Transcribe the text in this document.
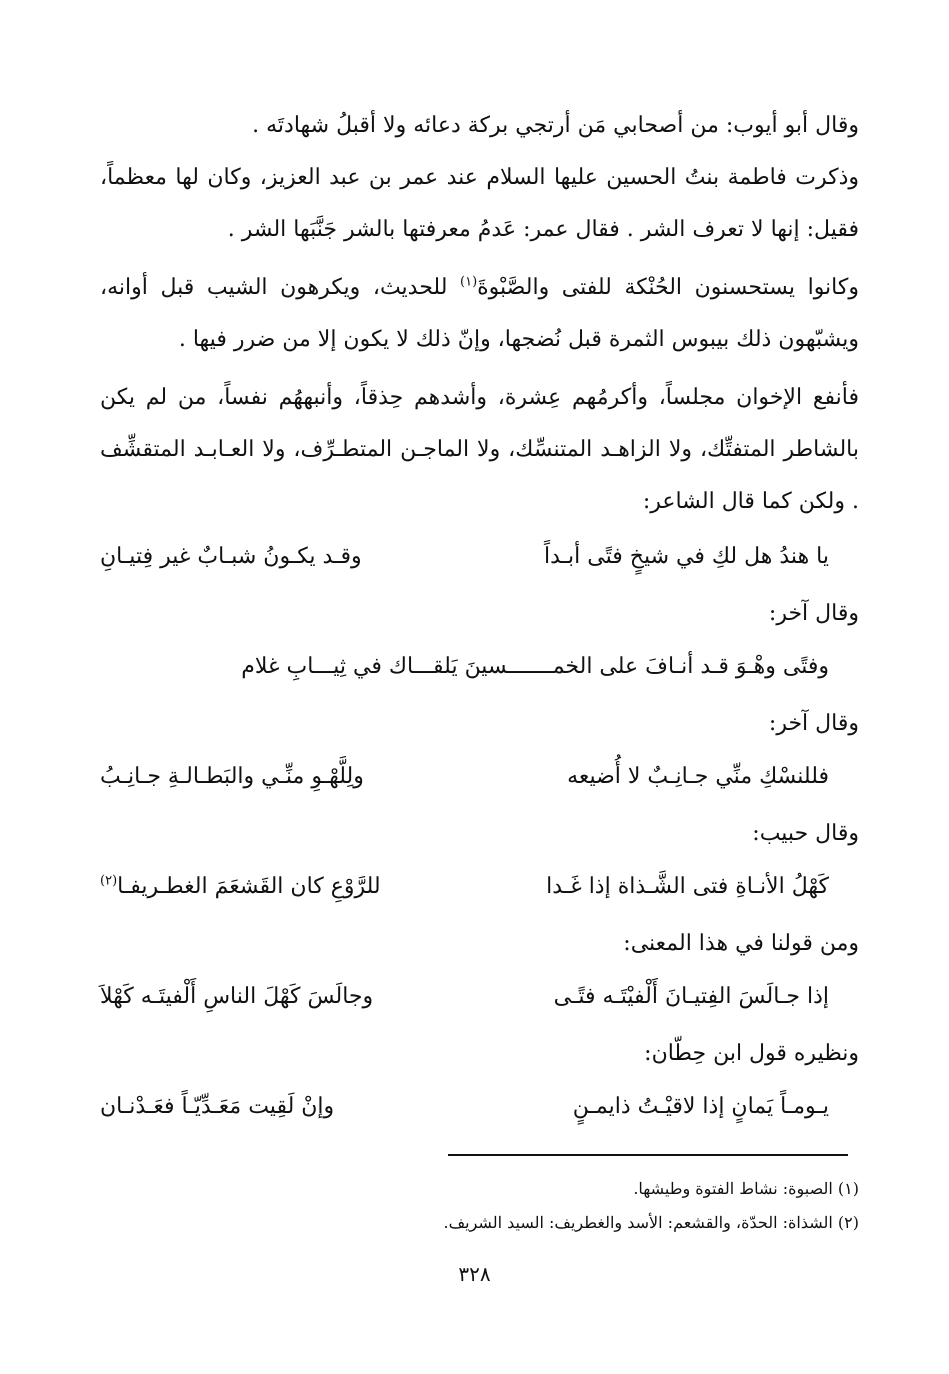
وقال أبو أيوب: من أصحابي مَن أرتجي بركة دعائه ولا أقبلُ شهادتَه .

وذكرت فاطمة بنتُ الحسين عليها السلام عند عمر بن عبد العزيز، وكان لها معظماً، فقيل: إنها لا تعرف الشر . فقال عمر: عَدمُ معرفتها بالشر جَنَّبَها الشر .

وكانوا يستحسنون الحُنْكة للفتى والصَّبْوةَ$^{(١)}$ للحديث، ويكرهون الشيب قبل أوانه، ويشبّهون ذلك بيبوس الثمرة قبل نُضجها، وإنّ ذلك لا يكون إلا من ضرر فيها .

فأنفع الإخوان مجلساً، وأكرمُهم عِشرة، وأشدهم حِذقاً، وأنبههُم نفساً، من لم يكن بالشاطر المتفتِّك، ولا الزاهـد المتنسِّك، ولا الماجـن المتطـرِّف، ولا العـابـد المتقشِّف . ولكن كما قال الشاعر:

يا هندُ هل لكِ في شيخٍ فتًى أبـداً
وقـد يكـونُ شبـابٌ غير فِتيـانِ
وقال آخر:
وفتًى وهْـوَ قـد أنـافَ على الخمـــــــسينَ يَلقـــاك في ثِيـــابِ غلام
وقال آخر:
فللنسْكِ منِّي جـانِـبٌ لا أُضيعه
ولِلَّهْـوِ منِّـي والبَطـالـةِ جـانِـبُ
وقال حبيب:
كَهْلُ الأنـاةِ فتى الشَّـذاة إذا غَـدا
للرَّوْعِ كان القَشعَمَ الغطـريفـا$^{(٢)}$
ومن قولنا في هذا المعنى:
إذا جـالَسَ الفِتيـانَ أَلْفيْتَـه فتًـى
وجالَسَ كَهْلَ الناسِ أَلْفيتَـه كَهْلاَ
ونظيره قول ابن حِطّان:
يـومـاً يَمانٍ إذا لاقيْـتُ ذايمـنٍ
وإنْ لَقِيت مَعَـدِّيّـاً فعَـدْنـان

(١) الصبوة: نشاط الفتوة وطيشها.

(٢) الشذاة: الحدّة، والقشعم: الأسد والغطريف: السيد الشريف.

٣٢٨
